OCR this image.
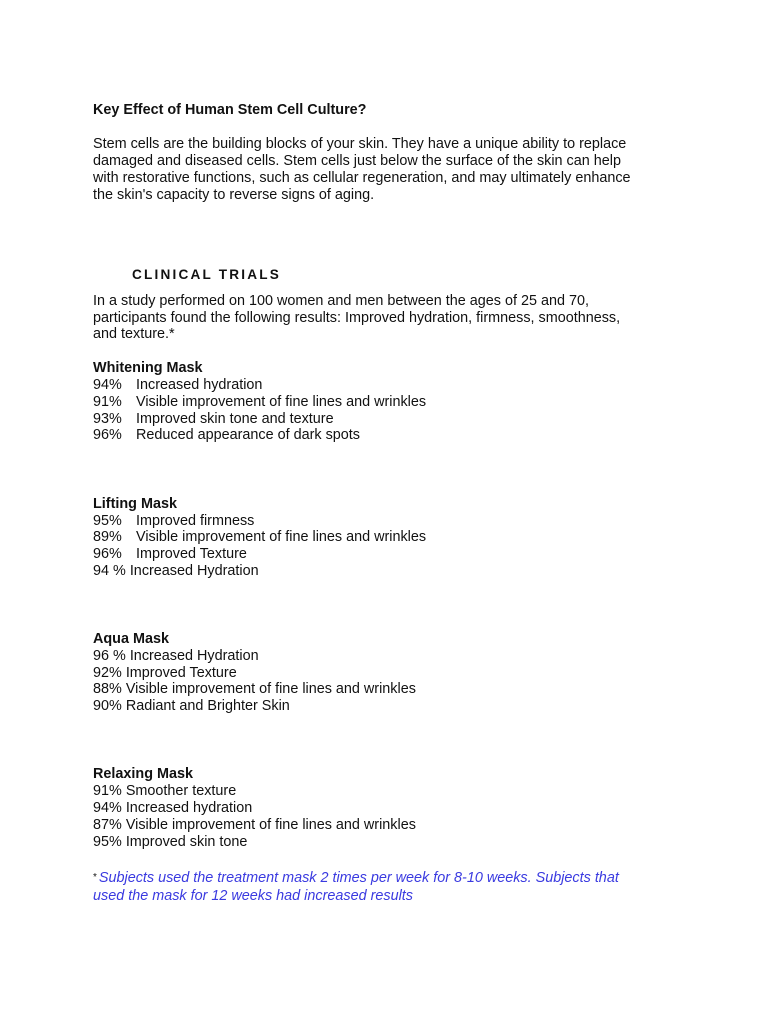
Key Effect of Human Stem Cell Culture?

Stem cells are the building blocks of your skin. They have a unique ability to replace

damaged and diseased cells. Stem cells just below the surface of the skin can help

with restorative functions, such as cellular regeneration, and may ultimately enhance

the skin's capacity to reverse signs of aging.

CLINICAL TRIALS

In a study performed on 100 women and men between the ages of 25 and 70,

participants found the following results: Improved hydration, firmness, smoothness,

and texture.*

Whitening Mask

94% Increased hydration

91% Visible improvement of fine lines and wrinkles

93% Improved skin tone and texture

96% Reduced appearance of dark spots

Lifting Mask

95% Improved firmness

89% Visible improvement of fine lines and wrinkles

96% Improved Texture

94 % Increased Hydration

Aqua Mask

96 % Increased Hydration

92% Improved Texture

88% Visible improvement of fine lines and wrinkles

90% Radiant and Brighter Skin

Relaxing Mask

91% Smoother texture

94% Increased hydration

87% Visible improvement of fine lines and wrinkles

95% Improved skin tone

* Subjects used the treatment mask 2 times per week for 8-10 weeks. Subjects that

used the mask for 12 weeks had increased results
